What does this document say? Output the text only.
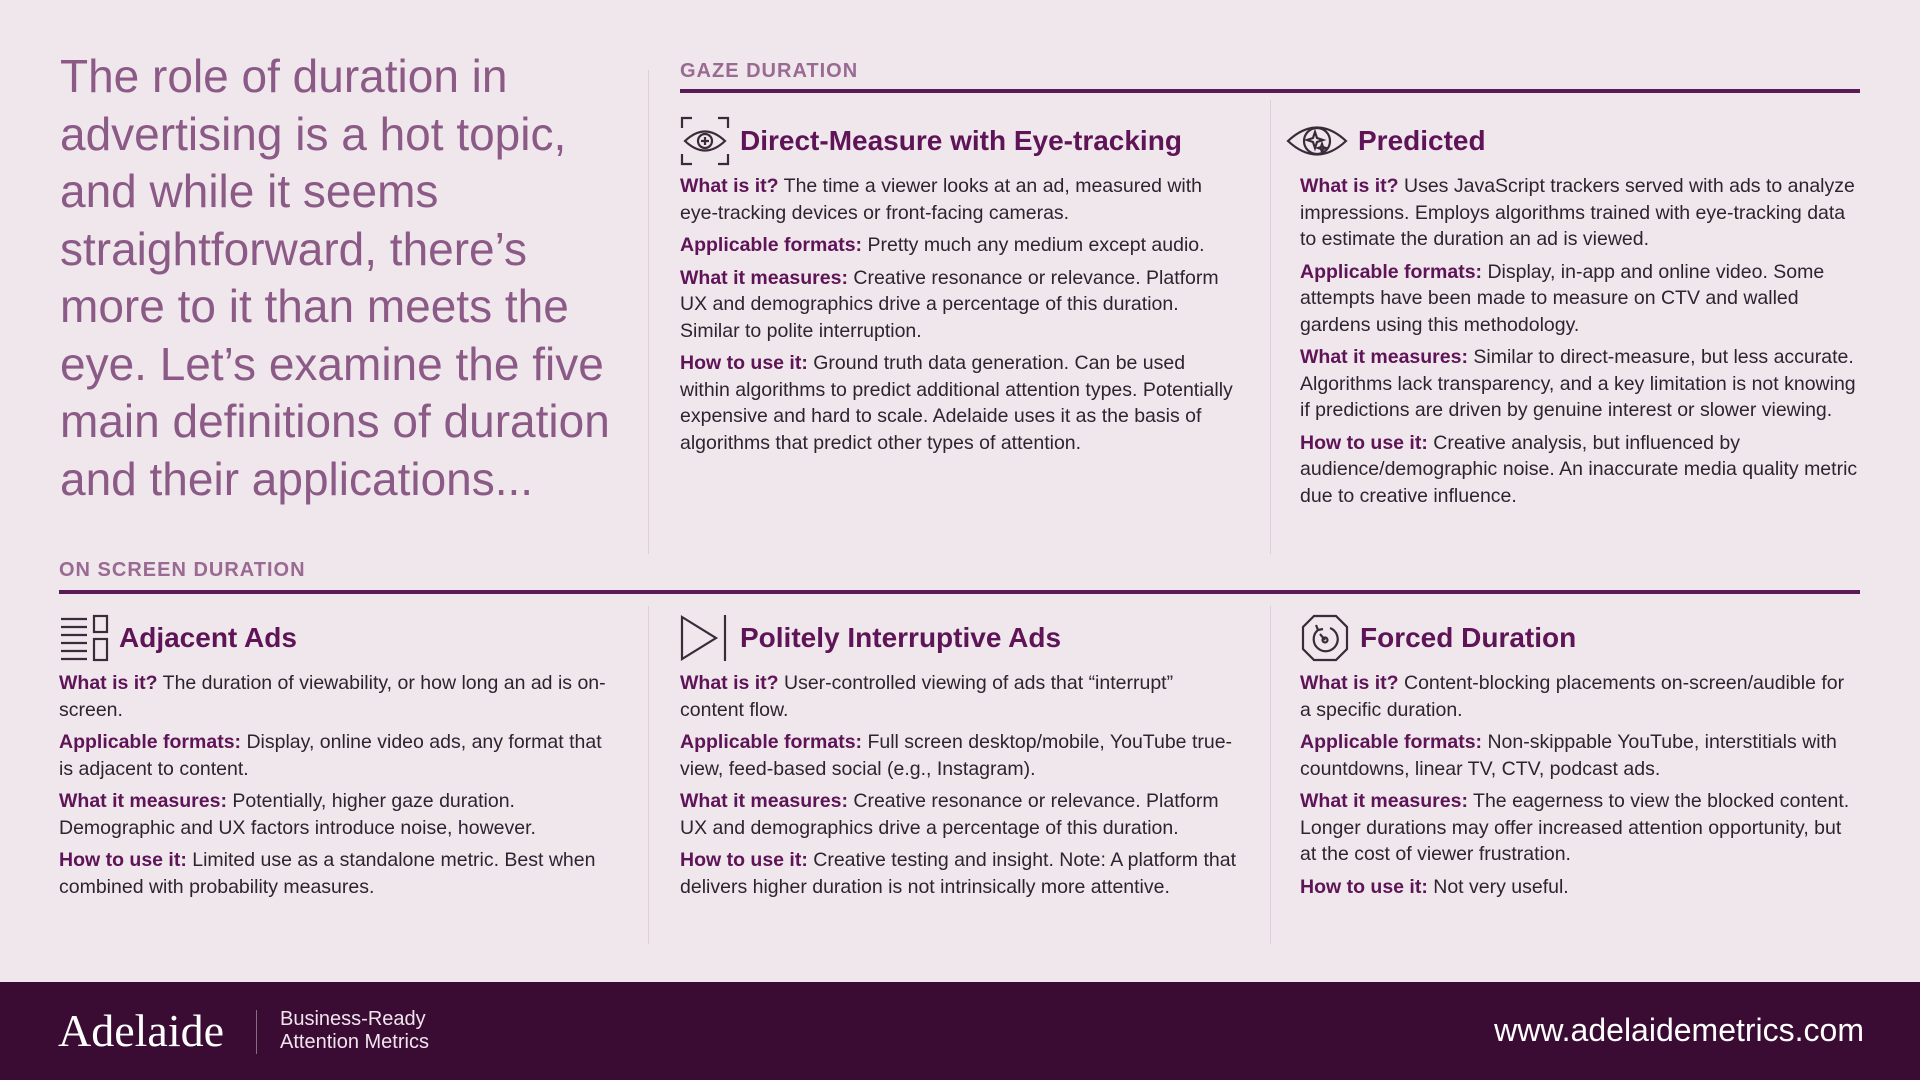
The role of duration in advertising is a hot topic, and while it seems straightforward, there’s more to it than meets the eye. Let’s examine the five main definitions of duration and their applications...

GAZE DURATION
ON SCREEN DURATION
Direct-Measure with Eye-tracking

What is it? The time a viewer looks at an ad, measured with eye-tracking devices or front-facing cameras.

Applicable formats: Pretty much any medium except audio.

What it measures: Creative resonance or relevance. Platform UX and demographics drive a percentage of this duration. Similar to polite interruption.

How to use it: Ground truth data generation. Can be used within algorithms to predict additional attention types. Potentially expensive and hard to scale. Adelaide uses it as the basis of algorithms that predict other types of attention.

Predicted

What is it? Uses JavaScript trackers served with ads to analyze impressions. Employs algorithms trained with eye-tracking data to estimate the duration an ad is viewed.

Applicable formats: Display, in-app and online video. Some attempts have been made to measure on CTV and walled gardens using this methodology.

What it measures: Similar to direct-measure, but less accurate. Algorithms lack transparency, and a key limitation is not knowing if predictions are driven by genuine interest or slower viewing.

How to use it: Creative analysis, but influenced by audience/demographic noise. An inaccurate media quality metric due to creative influence.

Adjacent Ads

What is it? The duration of viewability, or how long an ad is on-screen.

Applicable formats: Display, online video ads, any format that is adjacent to content.

What it measures: Potentially, higher gaze duration. Demographic and UX factors introduce noise, however.

How to use it: Limited use as a standalone metric. Best when combined with probability measures.

Politely Interruptive Ads

What is it? User-controlled viewing of ads that “interrupt” content flow.

Applicable formats: Full screen desktop/mobile, YouTube true-view, feed-based social (e.g., Instagram).

What it measures: Creative resonance or relevance. Platform UX and demographics drive a percentage of this duration.

How to use it: Creative testing and insight. Note: A platform that delivers higher duration is not intrinsically more attentive.

Forced Duration

What is it? Content-blocking placements on-screen/audible for a specific duration.

Applicable formats: Non-skippable YouTube, interstitials with countdowns, linear TV, CTV, podcast ads.

What it measures: The eagerness to view the blocked content. Longer durations may offer increased attention opportunity, but at the cost of viewer frustration.

How to use it: Not very useful.

Adelaide	Business-Ready
Attention Metrics	www.adelaidemetrics.com
